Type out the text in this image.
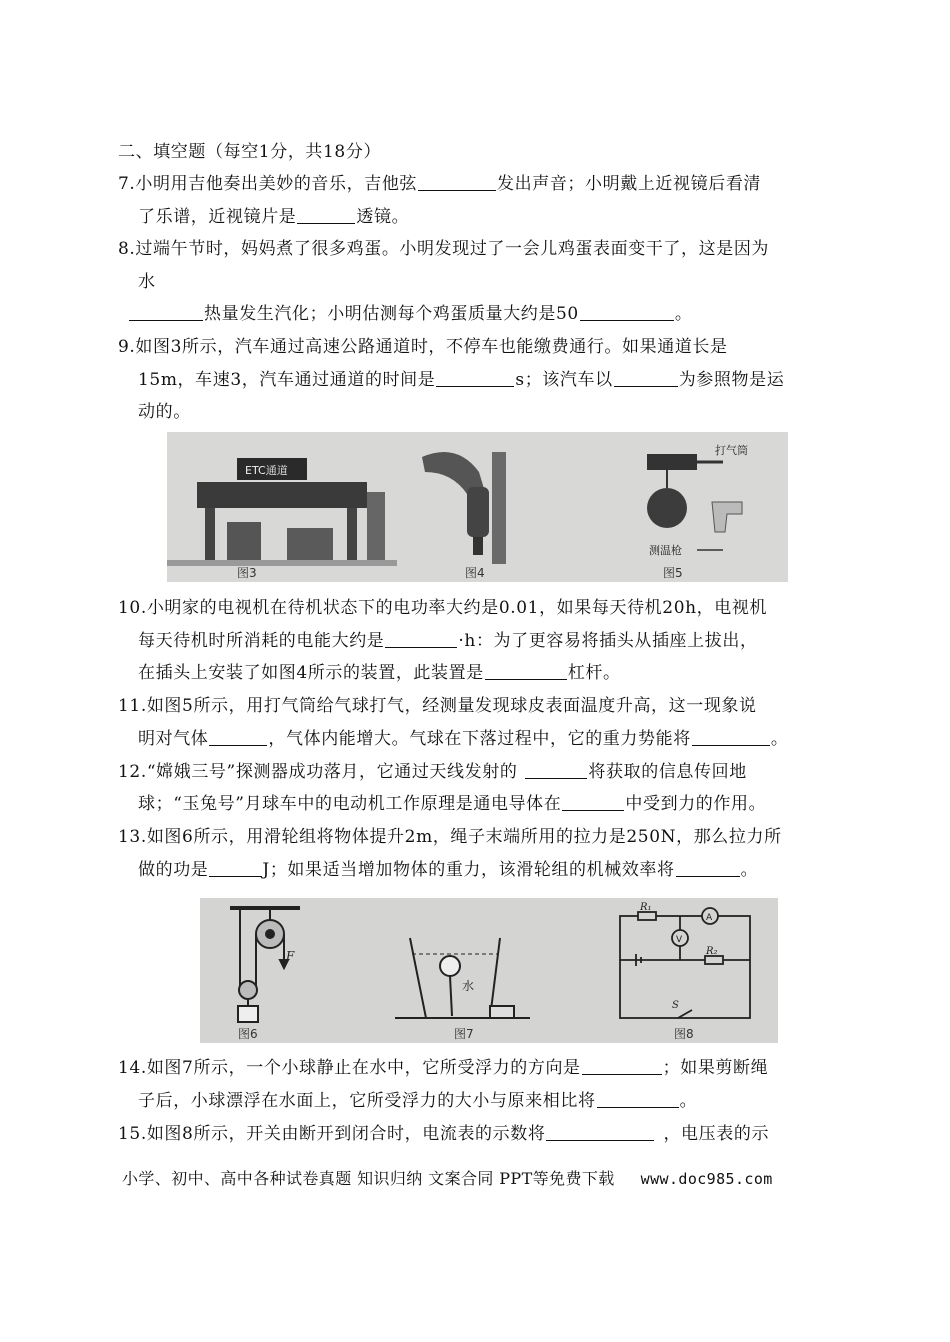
二、填空题（每空1分，共18分）
7.小明用吉他奏出美妙的音乐，吉他弦	发出声音；小明戴上近视镜后看清
了乐谱，近视镜片是	透镜。
8.过端午节时，妈妈煮了很多鸡蛋。小明发现过了一会儿鸡蛋表面变干了，这是因为
水
热量发生汽化；小明估测每个鸡蛋质量大约是50	。
9.如图3所示，汽车通过高速公路通道时，不停车也能缴费通行。如果通道长是
15m，车速3，汽车通过通道的时间是	s；该汽车以	为参照物是运
动的。
ETC通道
图3	图4
打气筒
测温枪
图5
10.小明家的电视机在待机状态下的电功率大约是0.01，如果每天待机20h，电视机
每天待机时所消耗的电能大约是	·h：为了更容易将插头从插座上拔出，
在插头上安装了如图4所示的装置，此装置是	杠杆。
11.如图5所示，用打气筒给气球打气，经测量发现球皮表面温度升高，这一现象说
明对气体	，气体内能增大。气球在下落过程中，它的重力势能将	。
12.“嫦娥三号”探测器成功落月，它通过天线发射的	将获取的信息传回地
球；“玉兔号”月球车中的电动机工作原理是通电导体在	中受到力的作用。
13.如图6所示，用滑轮组将物体提升2m，绳子末端所用的拉力是250N，那么拉力所
做的功是	J；如果适当增加物体的重力，该滑轮组的机械效率将	。
F
图6
水
图7
R₁
A
V
R₂
S
图8
14.如图7所示，一个小球静止在水中，它所受浮力的方向是	；如果剪断绳
子后，小球漂浮在水面上，它所受浮力的大小与原来相比将	。
15.如图8所示，开关由断开到闭合时，电流表的示数将	，电压表的示
小学、初中、高中各种试卷真题 知识归纳 文案合同 PPT等免费下载 www.doc985.com
